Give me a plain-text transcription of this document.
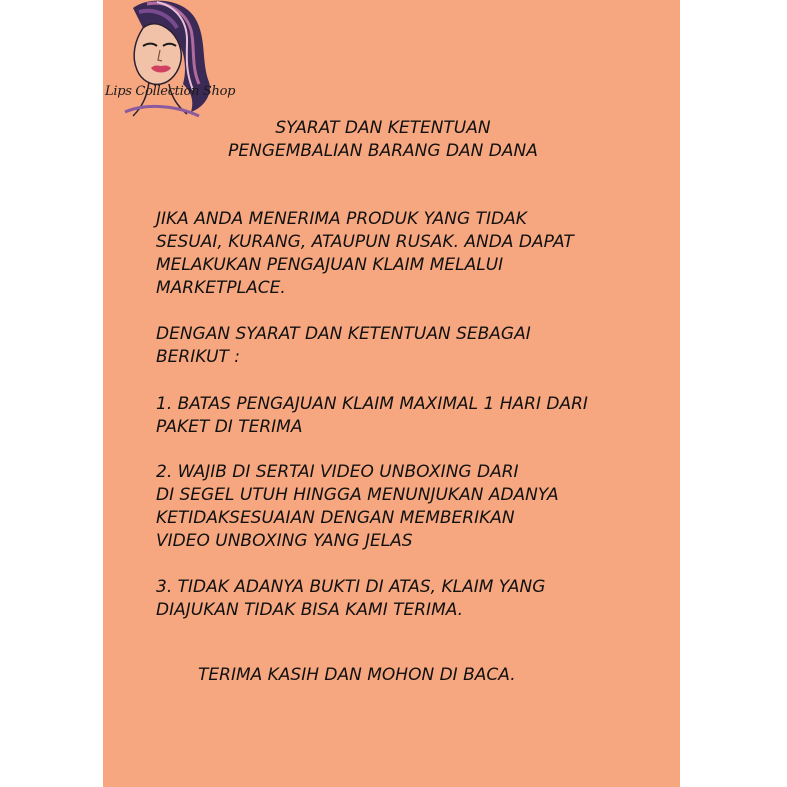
Lips Collection Shop

SYARAT DAN KETENTUAN

PENGEMBALIAN BARANG DAN DANA

JIKA ANDA MENERIMA PRODUK YANG TIDAK

SESUAI, KURANG, ATAUPUN RUSAK. ANDA DAPAT

MELAKUKAN PENGAJUAN KLAIM MELALUI

MARKETPLACE.

DENGAN SYARAT DAN KETENTUAN SEBAGAI

BERIKUT :

1. BATAS PENGAJUAN KLAIM MAXIMAL 1 HARI DARI

PAKET DI TERIMA

2. WAJIB DI SERTAI VIDEO UNBOXING DARI

DI SEGEL UTUH HINGGA MENUNJUKAN ADANYA

KETIDAKSESUAIAN DENGAN MEMBERIKAN

VIDEO UNBOXING YANG JELAS

3. TIDAK ADANYA BUKTI DI ATAS, KLAIM YANG

DIAJUKAN TIDAK BISA KAMI TERIMA.

TERIMA KASIH DAN MOHON DI BACA.
